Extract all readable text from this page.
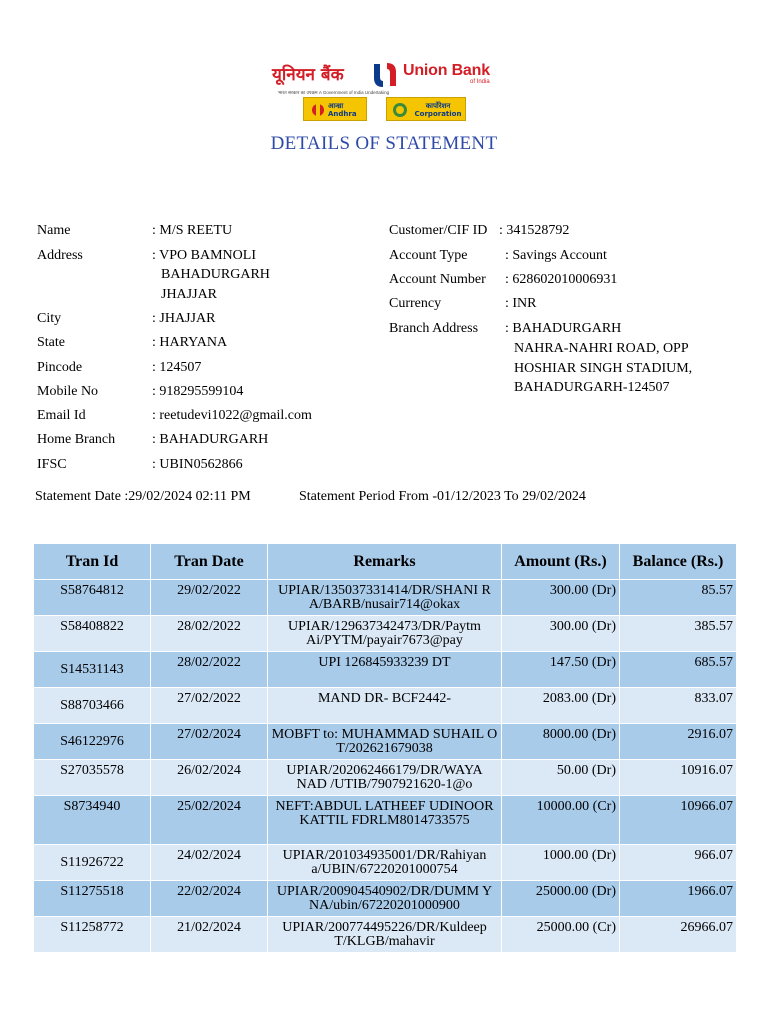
यूनियन बैंक	Union Bank
of India
भारत सरकार का उपक्रम A Government of India Undertaking
आन्ध्रा Andhra
कार्पोरेशन Corporation
DETAILS OF STATEMENT
Name	: M/S REETU
Address	: VPO BAMNOLI
BAHADURGARH
JHAJJAR
City	: JHAJJAR
State	: HARYANA
Pincode	: 124507
Mobile No	: 918295599104
Email Id	: reetudevi1022@gmail.com
Home Branch	: BAHADURGARH
IFSC	: UBIN0562866
Customer/CIF ID : 341528792
Account Type	: Savings Account
Account Number : 628602010006931
Currency	: INR
Branch Address : BAHADURGARH
NAHRA-NAHRI ROAD, OPP
HOSHIAR SINGH STADIUM,
BAHADURGARH-124507
Statement Date :29/02/2024 02:11 PM	Statement Period From -01/12/2023 To 29/02/2024
Tran Id	Tran Date	Remarks	Amount (Rs.)	Balance (Rs.)
S58764812	29/02/2022	UPIAR/135037331414/DR/SHANI R A/BARB/nusair714@okax	300.00 (Dr)	85.57
S58408822	28/02/2022	UPIAR/129637342473/DR/Paytm Ai/PYTM/payair7673@pay	300.00 (Dr)	385.57
S14531143	28/02/2022	UPI 126845933239 DT	147.50 (Dr)	685.57
S88703466	27/02/2022	MAND DR- BCF2442-	2083.00 (Dr)	833.07
S46122976	27/02/2024	MOBFT to: MUHAMMAD SUHAIL O T/202621679038	8000.00 (Dr)	2916.07
S27035578	26/02/2024	UPIAR/202062466179/DR/WAYA NAD /UTIB/7907921620-1@o	50.00 (Dr)	10916.07
S8734940	25/02/2024	NEFT:ABDUL LATHEEF UDINOOR KATTIL FDRLM8014733575	10000.00 (Cr)	10966.07
S11926722	24/02/2024	UPIAR/201034935001/DR/Rahiyan a/UBIN/67220201000754	1000.00 (Dr)	966.07
S11275518	22/02/2024	UPIAR/200904540902/DR/DUMM Y NA/ubin/67220201000900	25000.00 (Dr)	1966.07
S11258772	21/02/2024	UPIAR/200774495226/DR/Kuldeep T/KLGB/mahavir	25000.00 (Cr)	26966.07
